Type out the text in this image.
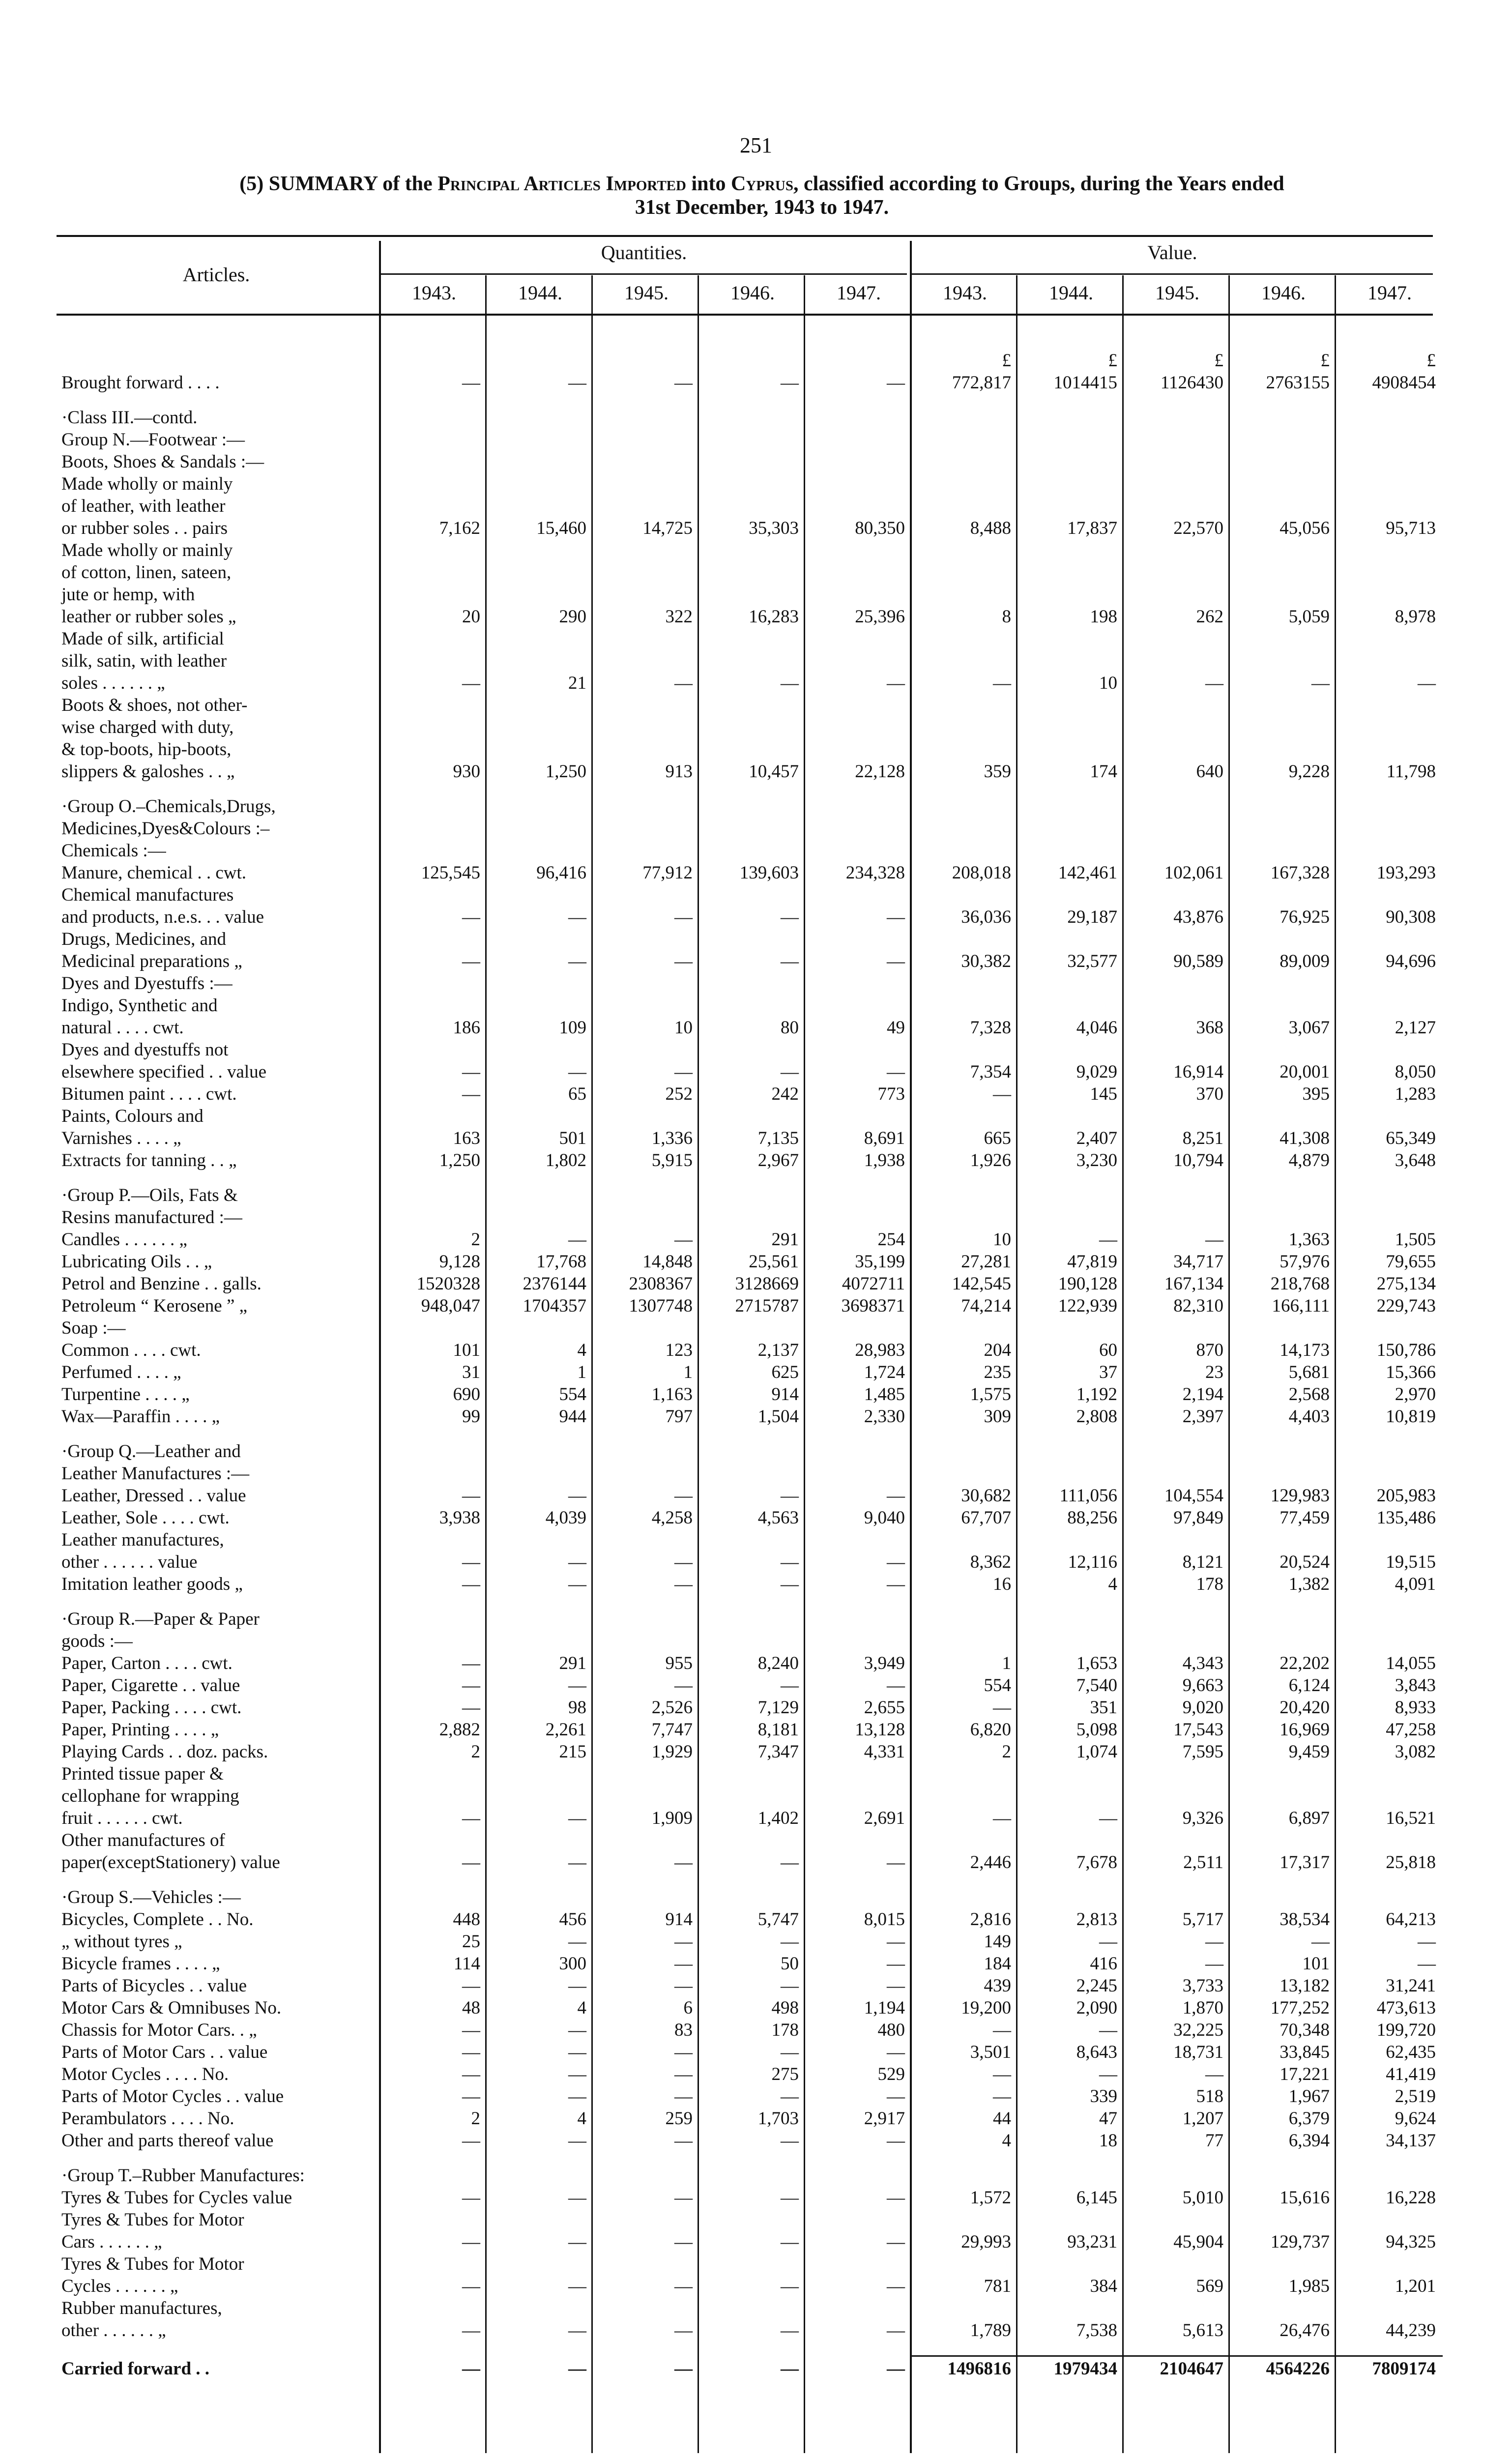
251
(5) SUMMARY of the Principal Articles Imported into Cyprus, classified according to Groups, during the Years ended
31st December, 1943 to 1947.
Articles.
Quantities.	Value.
1943.	1944.	1945.	1946.	1947.	1943.	1944.	1945.	1946.	1947.

						£	£	£	£	£
Brought forward . . . .	—	—	—	—	—	772,817	1014415	1126430	2763155	4908454

·Class III.—contd.										
Group N.—Footwear :—										
Boots, Shoes & Sandals :—										
Made wholly or mainly										
of leather, with leather										
or rubber soles . . pairs	7,162	15,460	14,725	35,303	80,350	8,488	17,837	22,570	45,056	95,713
Made wholly or mainly										
of cotton, linen, sateen,										
jute or hemp, with										
leather or rubber soles „	20	290	322	16,283	25,396	8	198	262	5,059	8,978
Made of silk, artificial										
silk, satin, with leather										
soles . . . . . . „	—	21	—	—	—	—	10	—	—	—
Boots & shoes, not other-										
wise charged with duty,										
& top-boots, hip-boots,										
slippers & galoshes . . „	930	1,250	913	10,457	22,128	359	174	640	9,228	11,798

·Group O.–Chemicals,Drugs,										
Medicines,Dyes&Colours :–										
Chemicals :—										
Manure, chemical . . cwt.	125,545	96,416	77,912	139,603	234,328	208,018	142,461	102,061	167,328	193,293
Chemical manufactures										
and products, n.e.s. . . value	—	—	—	—	—	36,036	29,187	43,876	76,925	90,308
Drugs, Medicines, and										
Medicinal preparations „	—	—	—	—	—	30,382	32,577	90,589	89,009	94,696
Dyes and Dyestuffs :—										
Indigo, Synthetic and										
natural . . . . cwt.	186	109	10	80	49	7,328	4,046	368	3,067	2,127
Dyes and dyestuffs not										
elsewhere specified . . value	—	—	—	—	—	7,354	9,029	16,914	20,001	8,050
Bitumen paint . . . . cwt.	—	65	252	242	773	—	145	370	395	1,283
Paints, Colours and										
Varnishes . . . . „	163	501	1,336	7,135	8,691	665	2,407	8,251	41,308	65,349
Extracts for tanning . . „	1,250	1,802	5,915	2,967	1,938	1,926	3,230	10,794	4,879	3,648

·Group P.—Oils, Fats &										
Resins manufactured :—										
Candles . . . . . . „	2	—	—	291	254	10	—	—	1,363	1,505
Lubricating Oils . . „	9,128	17,768	14,848	25,561	35,199	27,281	47,819	34,717	57,976	79,655
Petrol and Benzine . . galls.	1520328	2376144	2308367	3128669	4072711	142,545	190,128	167,134	218,768	275,134
Petroleum “ Kerosene ” „	948,047	1704357	1307748	2715787	3698371	74,214	122,939	82,310	166,111	229,743
Soap :—										
Common . . . . cwt.	101	4	123	2,137	28,983	204	60	870	14,173	150,786
Perfumed . . . . „	31	1	1	625	1,724	235	37	23	5,681	15,366
Turpentine . . . . „	690	554	1,163	914	1,485	1,575	1,192	2,194	2,568	2,970
Wax—Paraffin . . . . „	99	944	797	1,504	2,330	309	2,808	2,397	4,403	10,819

·Group Q.—Leather and										
Leather Manufactures :—										
Leather, Dressed . . value	—	—	—	—	—	30,682	111,056	104,554	129,983	205,983
Leather, Sole . . . . cwt.	3,938	4,039	4,258	4,563	9,040	67,707	88,256	97,849	77,459	135,486
Leather manufactures,										
other . . . . . . value	—	—	—	—	—	8,362	12,116	8,121	20,524	19,515
Imitation leather goods „	—	—	—	—	—	16	4	178	1,382	4,091

·Group R.—Paper & Paper										
goods :—										
Paper, Carton . . . . cwt.	—	291	955	8,240	3,949	1	1,653	4,343	22,202	14,055
Paper, Cigarette . . value	—	—	—	—	—	554	7,540	9,663	6,124	3,843
Paper, Packing . . . . cwt.	—	98	2,526	7,129	2,655	—	351	9,020	20,420	8,933
Paper, Printing . . . . „	2,882	2,261	7,747	8,181	13,128	6,820	5,098	17,543	16,969	47,258
Playing Cards . . doz. packs.	2	215	1,929	7,347	4,331	2	1,074	7,595	9,459	3,082
Printed tissue paper &										
cellophane for wrapping										
fruit . . . . . . cwt.	—	—	1,909	1,402	2,691	—	—	9,326	6,897	16,521
Other manufactures of										
paper(exceptStationery) value	—	—	—	—	—	2,446	7,678	2,511	17,317	25,818

·Group S.—Vehicles :—										
Bicycles, Complete . . No.	448	456	914	5,747	8,015	2,816	2,813	5,717	38,534	64,213
„ without tyres „	25	—	—	—	—	149	—	—	—	—
Bicycle frames . . . . „	114	300	—	50	—	184	416	—	101	—
Parts of Bicycles . . value	—	—	—	—	—	439	2,245	3,733	13,182	31,241
Motor Cars & Omnibuses No.	48	4	6	498	1,194	19,200	2,090	1,870	177,252	473,613
Chassis for Motor Cars. . „	—	—	83	178	480	—	—	32,225	70,348	199,720
Parts of Motor Cars . . value	—	—	—	—	—	3,501	8,643	18,731	33,845	62,435
Motor Cycles . . . . No.	—	—	—	275	529	—	—	—	17,221	41,419
Parts of Motor Cycles . . value	—	—	—	—	—	—	339	518	1,967	2,519
Perambulators . . . . No.	2	4	259	1,703	2,917	44	47	1,207	6,379	9,624
Other and parts thereof value	—	—	—	—	—	4	18	77	6,394	34,137

·Group T.–Rubber Manufactures:										
Tyres & Tubes for Cycles value	—	—	—	—	—	1,572	6,145	5,010	15,616	16,228
Tyres & Tubes for Motor										
Cars . . . . . . „	—	—	—	—	—	29,993	93,231	45,904	129,737	94,325
Tyres & Tubes for Motor										
Cycles . . . . . . „	—	—	—	—	—	781	384	569	1,985	1,201
Rubber manufactures,										
other . . . . . . „	—	—	—	—	—	1,789	7,538	5,613	26,476	44,239

Carried forward . .	—	—	—	—	—	1496816	1979434	2104647	4564226	7809174
